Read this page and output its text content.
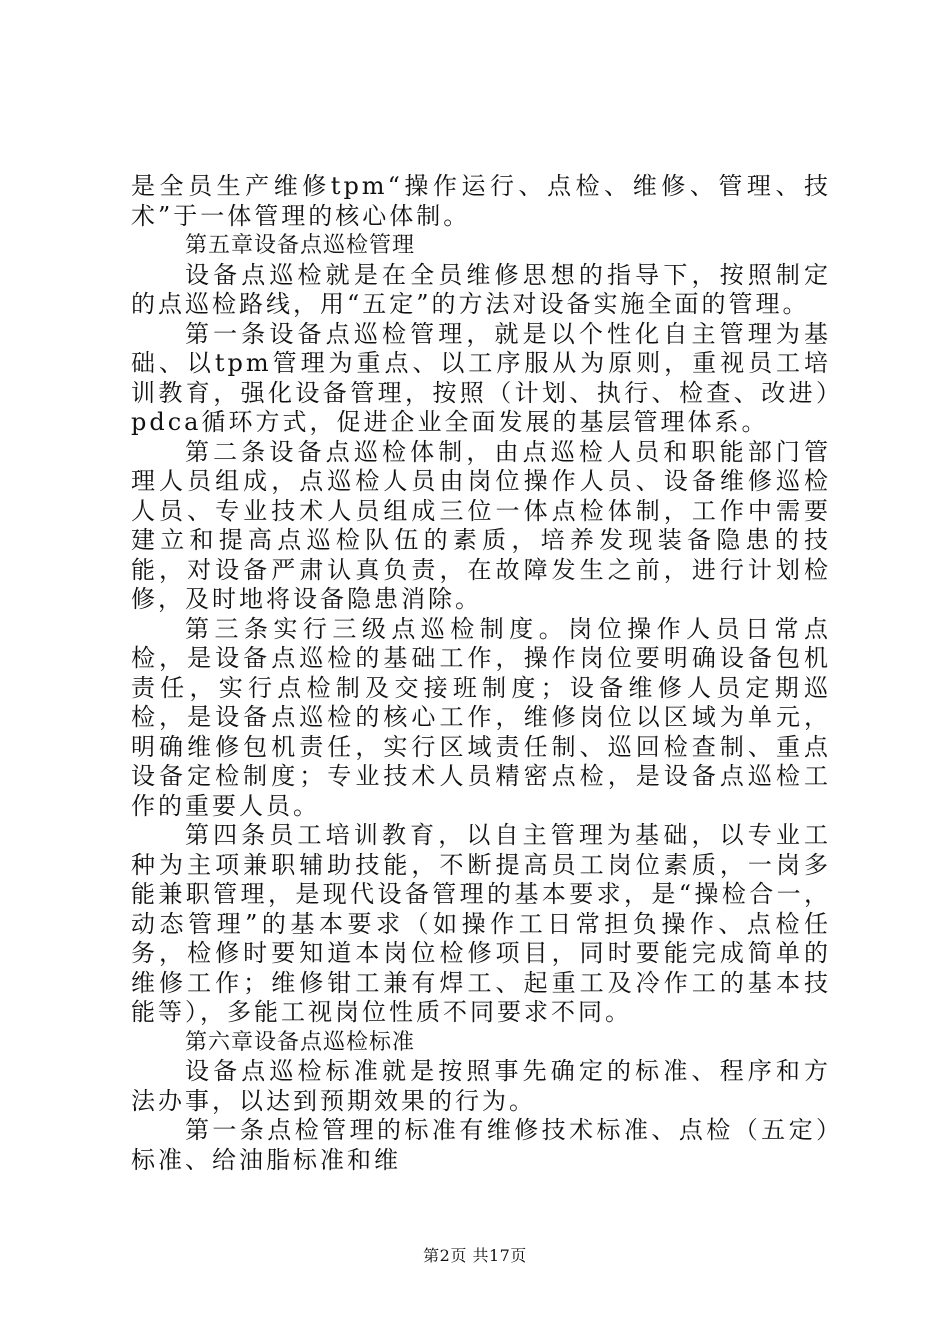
是全员生产维修tpm“操作运行、点检、维修、管理、技术”于一体管理的核心体制。

第五章设备点巡检管理

设备点巡检就是在全员维修思想的指导下，按照制定的点巡检路线，用“五定”的方法对设备实施全面的管理。

第一条设备点巡检管理，就是以个性化自主管理为基础、以tpm管理为重点、以工序服从为原则，重视员工培训教育，强化设备管理，按照（计划、执行、检查、改进）pdca循环方式，促进企业全面发展的基层管理体系。

第二条设备点巡检体制，由点巡检人员和职能部门管理人员组成，点巡检人员由岗位操作人员、设备维修巡检人员、专业技术人员组成三位一体点检体制，工作中需要建立和提高点巡检队伍的素质，培养发现装备隐患的技能，对设备严肃认真负责，在故障发生之前，进行计划检修，及时地将设备隐患消除。

第三条实行三级点巡检制度。岗位操作人员日常点检，是设备点巡检的基础工作，操作岗位要明确设备包机责任，实行点检制及交接班制度；设备维修人员定期巡检，是设备点巡检的核心工作，维修岗位以区域为单元，明确维修包机责任，实行区域责任制、巡回检查制、重点设备定检制度；专业技术人员精密点检，是设备点巡检工作的重要人员。

第四条员工培训教育，以自主管理为基础，以专业工种为主项兼职辅助技能，不断提高员工岗位素质，一岗多能兼职管理，是现代设备管理的基本要求，是“操检合一，动态管理”的基本要求（如操作工日常担负操作、点检任务，检修时要知道本岗位检修项目，同时要能完成简单的维修工作；维修钳工兼有焊工、起重工及冷作工的基本技能等），多能工视岗位性质不同要求不同。

第六章设备点巡检标准

设备点巡检标准就是按照事先确定的标准、程序和方法办事，以达到预期效果的行为。

第一条点检管理的标准有维修技术标准、点检（五定）标准、给油脂标准和维

第2页 共17页
